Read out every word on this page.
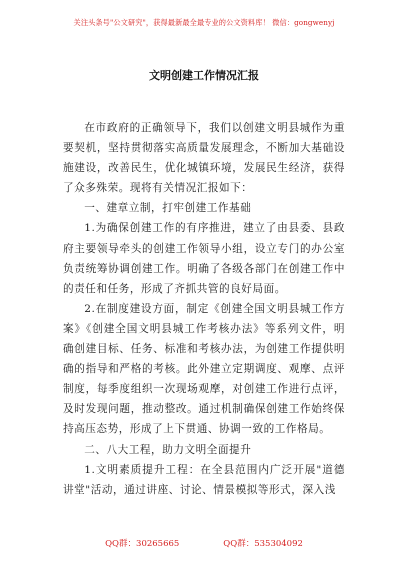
关注头条号"公文研究"，获得最新最全最专业的公文资料库！ 微信：gongwenyj
文明创建工作情况汇报

在市政府的正确领导下，我们以创建文明县城作为重要契机，坚持贯彻落实高质量发展理念，不断加大基础设施建设，改善民生，优化城镇环境，发展民生经济，获得了众多殊荣。现将有关情况汇报如下：

一、建章立制，打牢创建工作基础

1.为确保创建工作的有序推进，建立了由县委、县政府主要领导牵头的创建工作领导小组，设立专门的办公室负责统筹协调创建工作。明确了各级各部门在创建工作中的责任和任务，形成了齐抓共管的良好局面。

2.在制度建设方面，制定《创建全国文明县城工作方案》《创建全国文明县城工作考核办法》等系列文件，明确创建目标、任务、标准和考核办法，为创建工作提供明确的指导和严格的考核。此外建立定期调度、观摩、点评制度，每季度组织一次现场观摩，对创建工作进行点评，及时发现问题，推动整改。通过机制确保创建工作始终保持高压态势，形成了上下贯通、协调一致的工作格局。

二、八大工程，助力文明全面提升

1.文明素质提升工程：在全县范围内广泛开展"道德讲堂"活动，通过讲座、讨论、情景模拟等形式，深入浅

QQ群：30265665	QQ群：535304092
